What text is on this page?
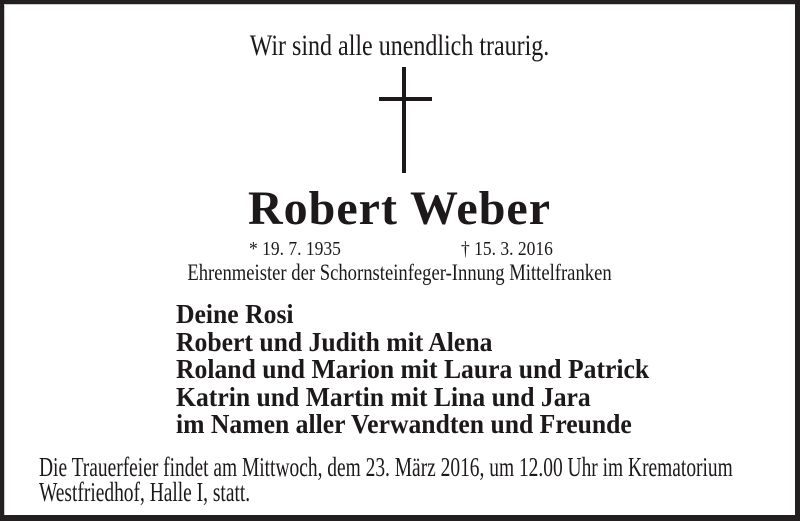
Wir sind alle unendlich traurig.
Robert Weber
* 19. 7. 1935	† 15. 3. 2016
Ehrenmeister der Schornsteinfeger-Innung Mittelfranken
Deine Rosi
Robert und Judith mit Alena
Roland und Marion mit Laura und Patrick
Katrin und Martin mit Lina und Jara
im Namen aller Verwandten und Freunde
Die Trauerfeier findet am Mittwoch, dem 23. März 2016, um 12.00 Uhr im Krematorium
Westfriedhof, Halle I, statt.
